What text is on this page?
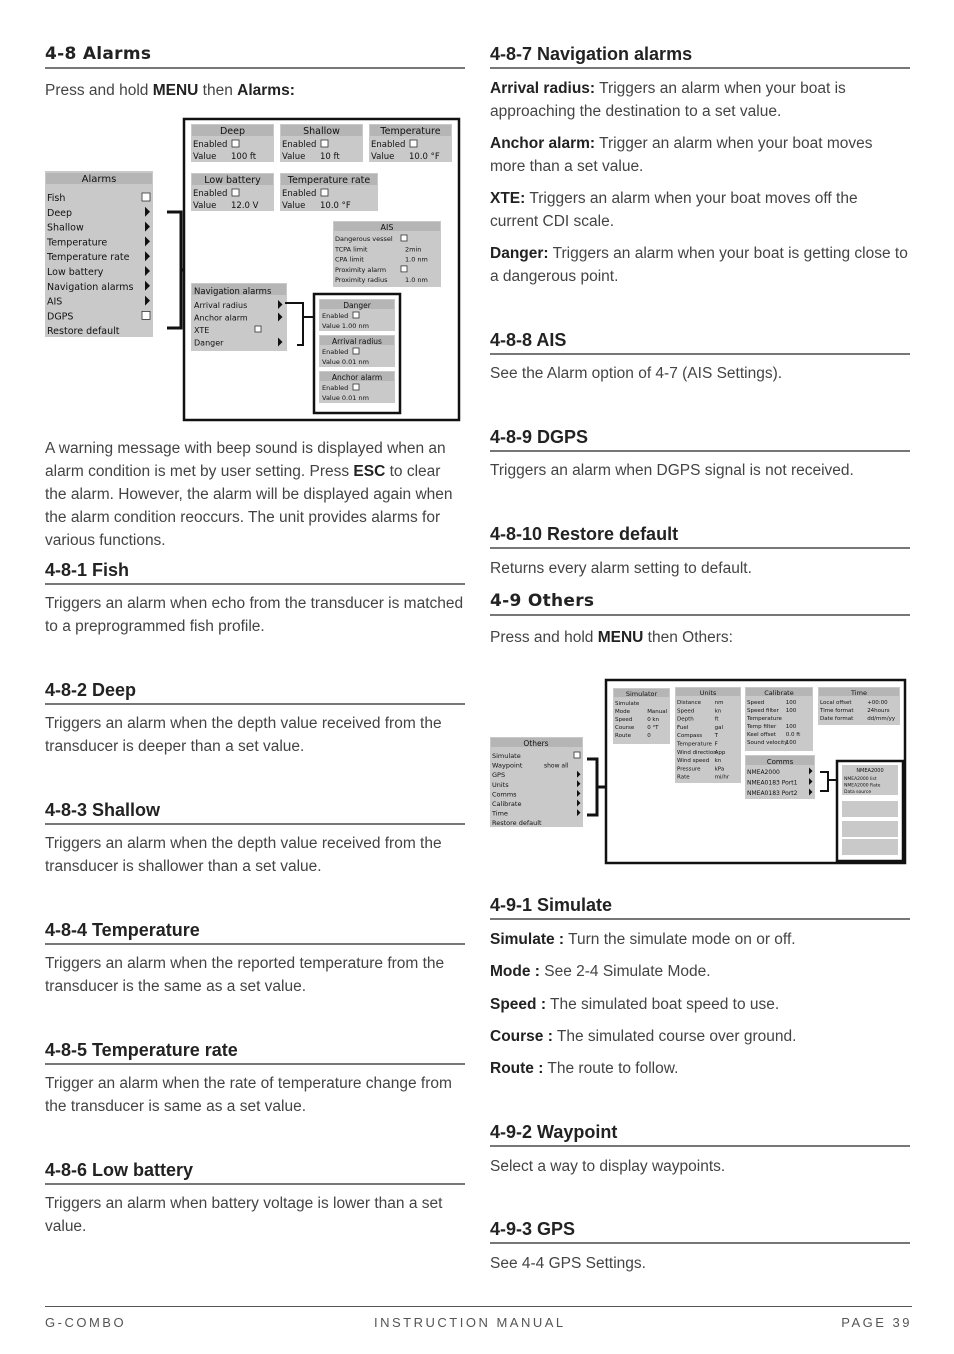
4-8 Alarms
Press and hold MENU then Alarms:
Alarms
Fish
Deep
Shallow
Temperature
Temperature rate
Low battery
Navigation alarms
AIS
DGPS
Restore default
Deep
Enabled
Value 100 ft
Shallow
Enabled
Value 10 ft
Temperature
Enabled
Value 10.0 °F
Low battery
Enabled
Value 12.0 V
Temperature rate
Enabled
Value 10.0 °F
AIS
Dangerous vessel
TCPA limit	2min
CPA limit	1.0 nm
Proximity alarm
Proximity radius	1.0 nm
Navigation alarms
Arrival radius
Anchor alarm
XTE
Danger
Danger
Enabled
Value 1.00 nm
Arrival radius
Enabled
Value 0.01 nm
Anchor alarm
Enabled
Value 0.01 nm
A warning message with beep sound is displayed when an alarm condition is met by user setting. Press ESC to clear the alarm. However, the alarm will be displayed again when the alarm condition reoccurs. The unit provides alarms for various functions.
4-8-1 Fish
Triggers an alarm when echo from the transducer is matched to a preprogrammed fish profile.
4-8-2 Deep
Triggers an alarm when the depth value received from the transducer is deeper than a set value.
4-8-3 Shallow
Triggers an alarm when the depth value received from the transducer is shallower than a set value.
4-8-4 Temperature
Triggers an alarm when the reported temperature from the transducer is the same as a set value.
4-8-5 Temperature rate
Trigger an alarm when the rate of temperature change from the transducer is same as a set value.
4-8-6 Low battery
Triggers an alarm when battery voltage is lower than a set value.
4-8-7 Navigation alarms
Arrival radius: Triggers an alarm when your boat is approaching the destination to a set value.
Anchor alarm: Trigger an alarm when your boat moves more than a set value.
XTE: Triggers an alarm when your boat moves off the current CDI scale.
Danger: Triggers an alarm when your boat is getting close to a dangerous point.
4-8-8 AIS
See the Alarm option of 4-7 (AIS Settings).
4-8-9 DGPS
Triggers an alarm when DGPS signal is not received.
4-8-10 Restore default
Returns every alarm setting to default.
4-9 Others
Press and hold MENU then Others:
Others
Simulate
Waypoint	show all
GPS
Units
Comms
Calibrate
Time
Restore default
Simulator
Simulate
Mode	Manual
Speed	0 kn
Course 0 °T
Route	0
Units
Distance nm
Speed	kn
Depth	ft
Fuel	gal
Compass T
Temperature F
Wind direction
App
Wind speed kn
Pressure	kPa
Rate	mi/hr
Calibrate
Speed	100
Speed filter 100
Temperature
Temp filter 100
Keel offset 0.0 ft
Sound velocity
100
Time
Local offset	+00:00
Time format 24hours
Date format	dd/mm/yy
Comms
NMEA2000
NMEA0183 Port1
NMEA0183 Port2
NMEA2000
NMEA2000 list
NMEA2000 Rate
Data source
4-9-1 Simulate
Simulate : Turn the simulate mode on or off.
Mode : See 2-4 Simulate Mode.
Speed : The simulated boat speed to use.
Course : The simulated course over ground.
Route : The route to follow.
4-9-2 Waypoint
Select a way to display waypoints.
4-9-3 GPS
See 4-4 GPS Settings.
G-COMBO	INSTRUCTION MANUAL	PAGE 39
